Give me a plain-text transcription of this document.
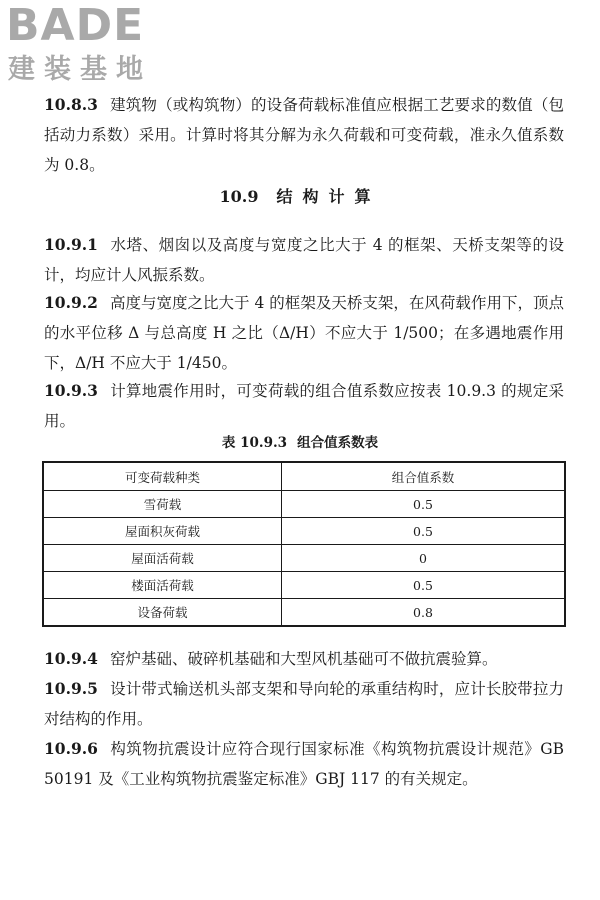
BADE
建装基地
10.8.3 建筑物（或构筑物）的设备荷载标准值应根据工艺要求的数值（包括动力系数）采用。计算时将其分解为永久荷载和可变荷载，准永久值系数为 0.8。
10.9 结构计算
10.9.1 水塔、烟囱以及高度与宽度之比大于 4 的框架、天桥支架等的设计，均应计人风振系数。
10.9.2 高度与宽度之比大于 4 的框架及天桥支架，在风荷载作用下，顶点的水平位移 Δ 与总高度 H 之比（Δ/H）不应大于 1/500；在多遇地震作用下，Δ/H 不应大于 1/450。
10.9.3 计算地震作用时，可变荷载的组合值系数应按表 10.9.3 的规定采用。
表 10.9.3 组合值系数表
可变荷载种类	组合值系数
雪荷载	0.5
屋面积灰荷载	0.5
屋面活荷载	0
楼面活荷载	0.5
设备荷载	0.8
10.9.4 窑炉基础、破碎机基础和大型风机基础可不做抗震验算。
10.9.5 设计带式输送机头部支架和导向轮的承重结构时，应计长胶带拉力对结构的作用。
10.9.6 构筑物抗震设计应符合现行国家标准《构筑物抗震设计规范》GB 50191 及《工业构筑物抗震鉴定标准》GBJ 117 的有关规定。
